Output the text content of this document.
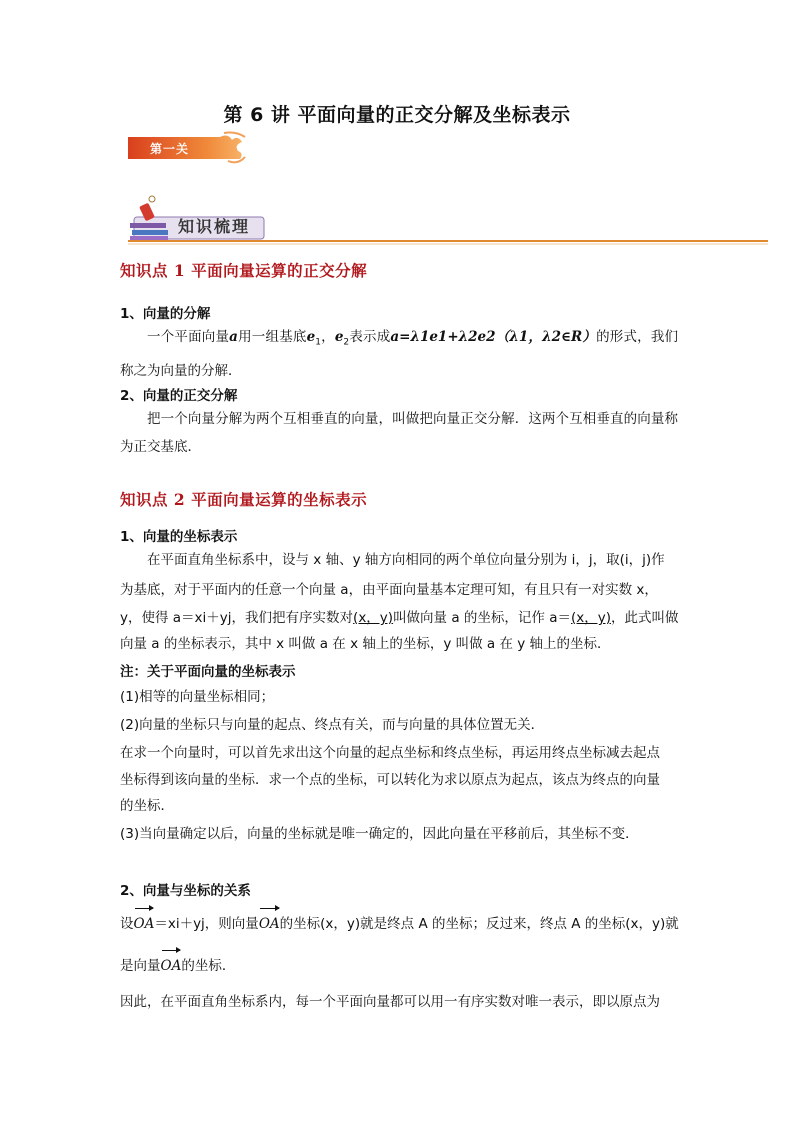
第 6 讲 平面向量的正交分解及坐标表示
第一关
知识梳理
知识点 1 平面向量运算的正交分解
1、向量的分解
一个平面向量a用一组基底$e_1$，$e_2$表示成a=λ1e1+λ2e2（λ1，λ2∈R）的形式，我们称之为向量的分解．
2、向量的正交分解
把一个向量分解为两个互相垂直的向量，叫做把向量正交分解．这两个互相垂直的向量称为正交基底．
知识点 2 平面向量运算的坐标表示
1、向量的坐标表示
在平面直角坐标系中，设与 x 轴、y 轴方向相同的两个单位向量分别为 i，j，取(i，j)作
为基底，对于平面内的任意一个向量 a，由平面向量基本定理可知，有且只有一对实数 x，
y，使得 a＝xi＋yj，我们把有序实数对(x，y)叫做向量 a 的坐标，记作 a＝(x，y)，此式叫做
向量 a 的坐标表示，其中 x 叫做 a 在 x 轴上的坐标，y 叫做 a 在 y 轴上的坐标．
注：关于平面向量的坐标表示
(1)相等的向量坐标相同；
(2)向量的坐标只与向量的起点、终点有关，而与向量的具体位置无关．
在求一个向量时，可以首先求出这个向量的起点坐标和终点坐标，再运用终点坐标减去起点
坐标得到该向量的坐标．求一个点的坐标，可以转化为求以原点为起点，该点为终点的向量
的坐标．
(3)当向量确定以后，向量的坐标就是唯一确定的，因此向量在平移前后，其坐标不变．
2、向量与坐标的关系
设OA＝xi＋yj，则向量OA的坐标(x，y)就是终点 A 的坐标；反过来，终点 A 的坐标(x，y)就
是向量OA的坐标．
因此，在平面直角坐标系内，每一个平面向量都可以用一有序实数对唯一表示，即以原点为
